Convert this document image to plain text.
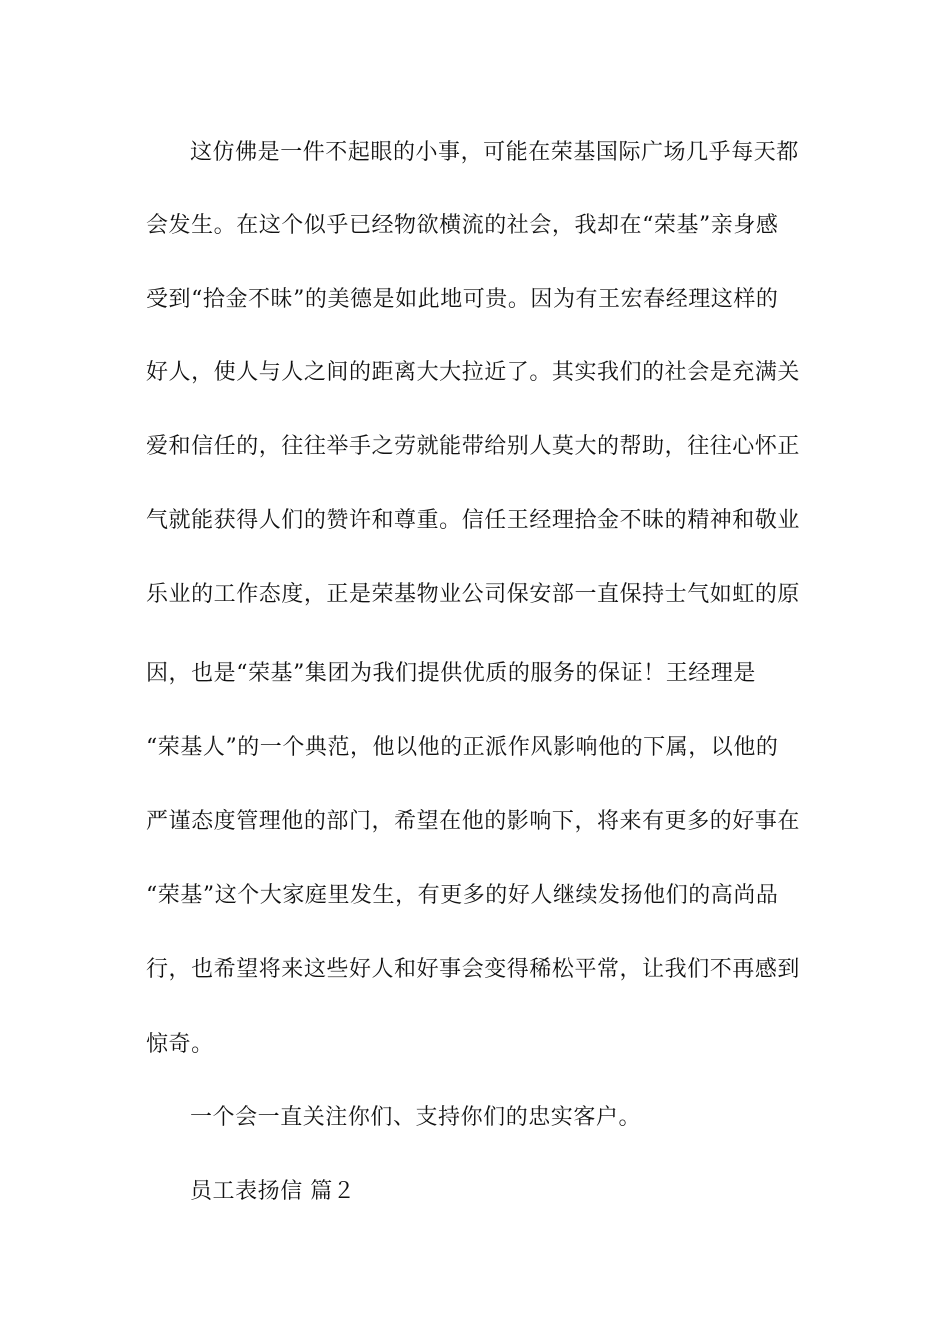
这仿佛是一件不起眼的小事，可能在荣基国际广场几乎每天都
会发生。在这个似乎已经物欲横流的社会，我却在“荣基”亲身感
受到“拾金不昧”的美德是如此地可贵。因为有王宏春经理这样的
好人，使人与人之间的距离大大拉近了。其实我们的社会是充满关
爱和信任的，往往举手之劳就能带给别人莫大的帮助，往往心怀正
气就能获得人们的赞许和尊重。信任王经理拾金不昧的精神和敬业
乐业的工作态度，正是荣基物业公司保安部一直保持士气如虹的原
因，也是“荣基”集团为我们提供优质的服务的保证！王经理是
“荣基人”的一个典范，他以他的正派作风影响他的下属，以他的
严谨态度管理他的部门，希望在他的影响下，将来有更多的好事在
“荣基”这个大家庭里发生，有更多的好人继续发扬他们的高尚品
行，也希望将来这些好人和好事会变得稀松平常，让我们不再感到
惊奇。
一个会一直关注你们、支持你们的忠实客户。
员工表扬信 篇２
